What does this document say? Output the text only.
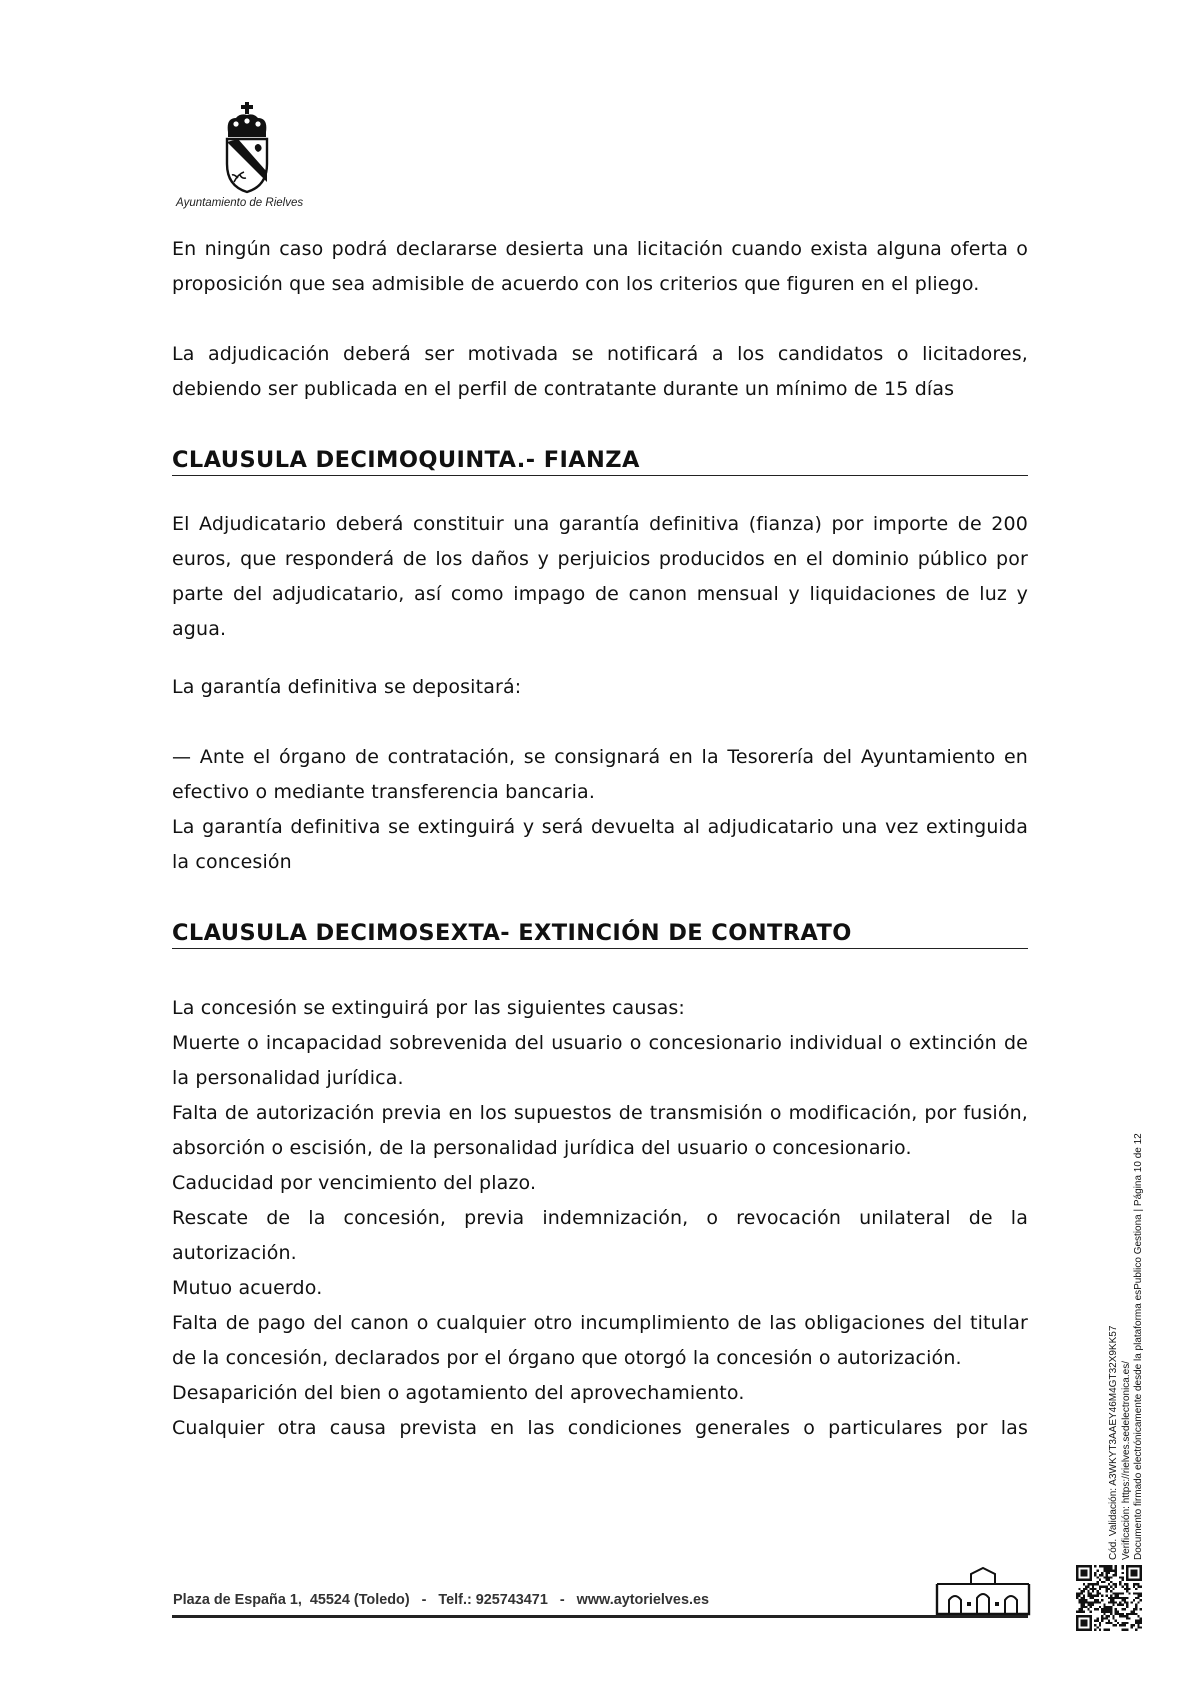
Ayuntamiento de Rielves

En ningún caso podrá declararse desierta una licitación cuando exista alguna oferta o proposición que sea admisible de acuerdo con los criterios que figuren en el pliego.

La adjudicación deberá ser motivada se notificará a los candidatos o licitadores, debiendo ser publicada en el perfil de contratante durante un mínimo de 15 días

CLAUSULA DECIMOQUINTA.- FIANZA

El Adjudicatario deberá constituir una garantía definitiva (fianza) por importe de 200 euros, que responderá de los daños y perjuicios producidos en el dominio público por parte del adjudicatario, así como impago de canon mensual y liquidaciones de luz y agua.

La garantía definitiva se depositará:

— Ante el órgano de contratación, se consignará en la Tesorería del Ayuntamiento en efectivo o mediante transferencia bancaria.

La garantía definitiva se extinguirá y será devuelta al adjudicatario una vez extinguida la concesión

CLAUSULA DECIMOSEXTA- EXTINCIÓN DE CONTRATO

La concesión se extinguirá por las siguientes causas:

Muerte o incapacidad sobrevenida del usuario o concesionario individual o extinción de la personalidad jurídica.

Falta de autorización previa en los supuestos de transmisión o modificación, por fusión, absorción o escisión, de la personalidad jurídica del usuario o concesionario.

Caducidad por vencimiento del plazo.

Rescate de la concesión, previa indemnización, o revocación unilateral de la autorización.

Mutuo acuerdo.

Falta de pago del canon o cualquier otro incumplimiento de las obligaciones del titular de la concesión, declarados por el órgano que otorgó la concesión o autorización.

Desaparición del bien o agotamiento del aprovechamiento.

Cualquier otra causa prevista en las condiciones generales o particulares por las

Plaza de España 1,  45524 (Toledo)   -   Telf.: 925743471   -   www.aytorielves.es
Cód. Validación: A3WKYT3AAEY46M4GT32X9KK57 Verificación: https://rielves.sedelectronica.es/ Documento firmado electrónicamente desde la plataforma esPublico Gestiona | Página 10 de 12
